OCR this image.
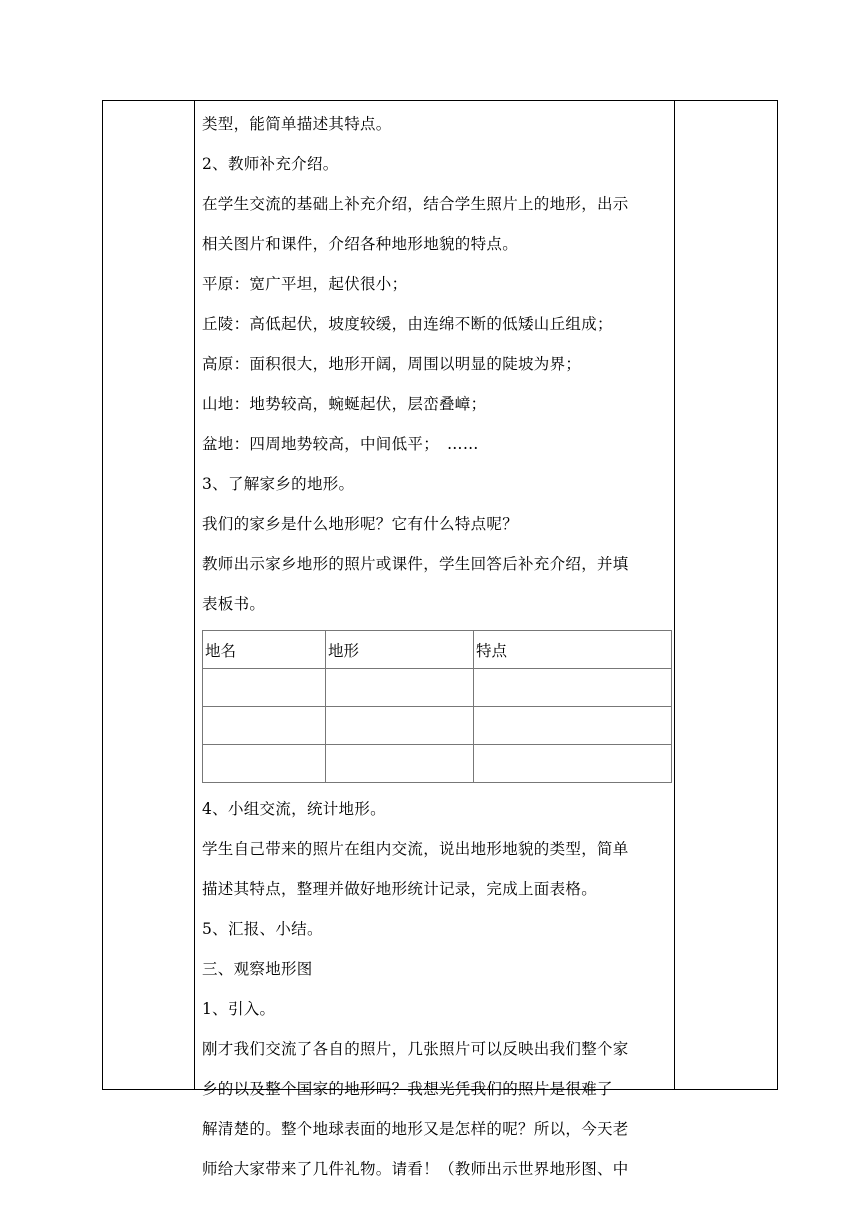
类型，能简单描述其特点。
2、教师补充介绍。
在学生交流的基础上补充介绍，结合学生照片上的地形，出示
相关图片和课件，介绍各种地形地貌的特点。
平原：宽广平坦，起伏很小；
丘陵：高低起伏，坡度较缓，由连绵不断的低矮山丘组成；
高原：面积很大，地形开阔，周围以明显的陡坡为界；
山地：地势较高，蜿蜒起伏，层峦叠嶂；
盆地：四周地势较高，中间低平；　……
3、了解家乡的地形。
我们的家乡是什么地形呢？它有什么特点呢？
教师出示家乡地形的照片或课件，学生回答后补充介绍，并填
表板书。
地名	地形	特点

4、小组交流，统计地形。
学生自己带来的照片在组内交流，说出地形地貌的类型，简单
描述其特点，整理并做好地形统计记录，完成上面表格。
5、汇报、小结。
三、观察地形图
1、引入。
刚才我们交流了各自的照片，几张照片可以反映出我们整个家
乡的以及整个国家的地形吗？我想光凭我们的照片是很难了
解清楚的。整个地球表面的地形又是怎样的呢？所以，今天老
师给大家带来了几件礼物。请看！（教师出示世界地形图、中
